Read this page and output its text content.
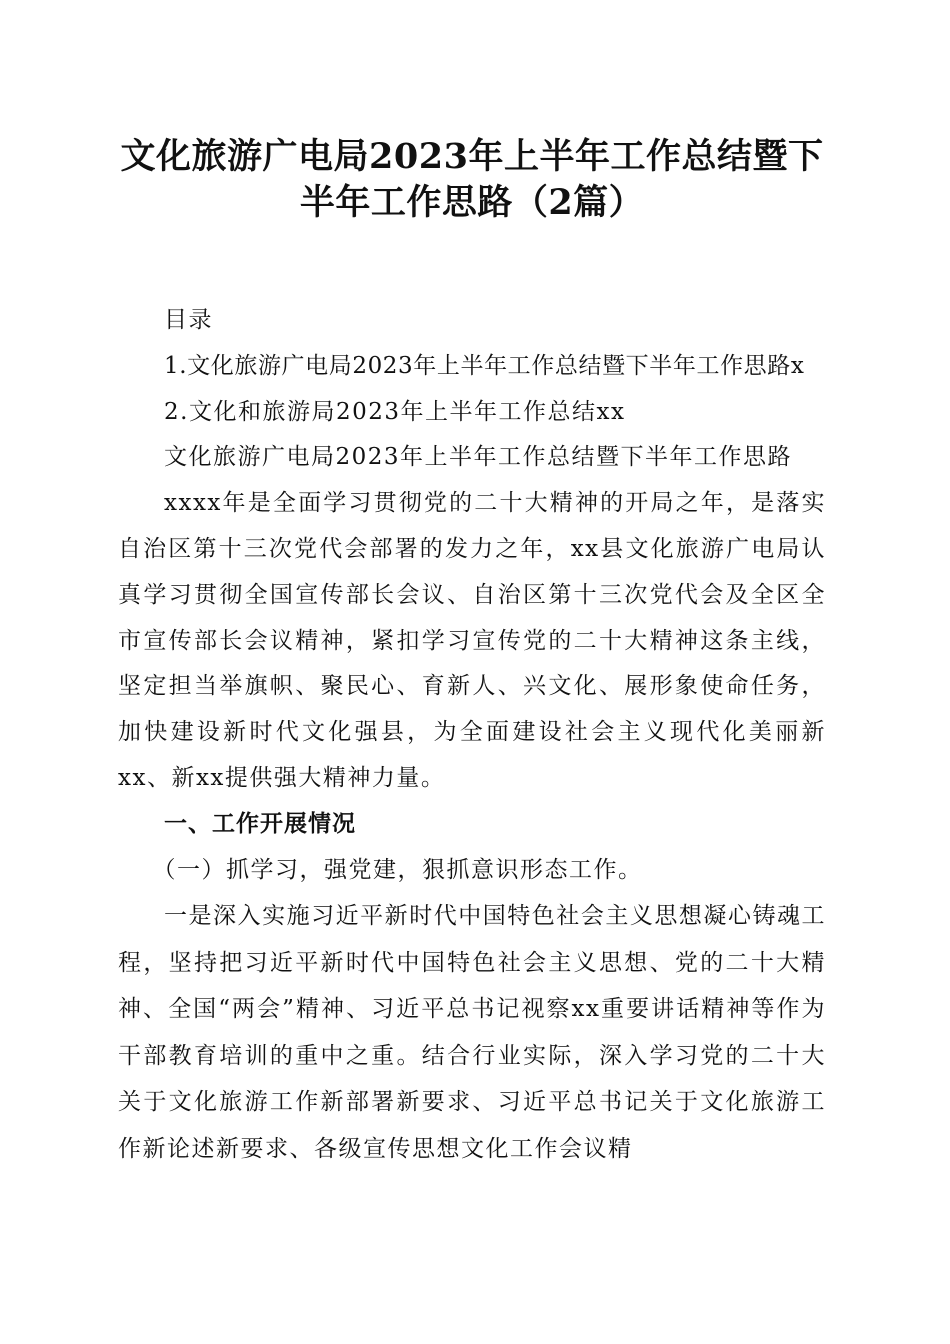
文化旅游广电局2023年上半年工作总结暨下
半年工作思路（2篇）

目录

1.文化旅游广电局2023年上半年工作总结暨下半年工作思路x

2.文化和旅游局2023年上半年工作总结xx

文化旅游广电局2023年上半年工作总结暨下半年工作思路

xxxx年是全面学习贯彻党的二十大精神的开局之年，是落实自治区第十三次党代会部署的发力之年，xx县文化旅游广电局认真学习贯彻全国宣传部长会议、自治区第十三次党代会及全区全市宣传部长会议精神，紧扣学习宣传党的二十大精神这条主线，坚定担当举旗帜、聚民心、育新人、兴文化、展形象使命任务，加快建设新时代文化强县，为全面建设社会主义现代化美丽新xx、新xx提供强大精神力量。

一、工作开展情况

（一）抓学习，强党建，狠抓意识形态工作。

一是深入实施习近平新时代中国特色社会主义思想凝心铸魂工程，坚持把习近平新时代中国特色社会主义思想、党的二十大精神、全国“两会”精神、习近平总书记视察xx重要讲话精神等作为干部教育培训的重中之重。结合行业实际，深入学习党的二十大关于文化旅游工作新部署新要求、习近平总书记关于文化旅游工作新论述新要求、各级宣传思想文化工作会议精
